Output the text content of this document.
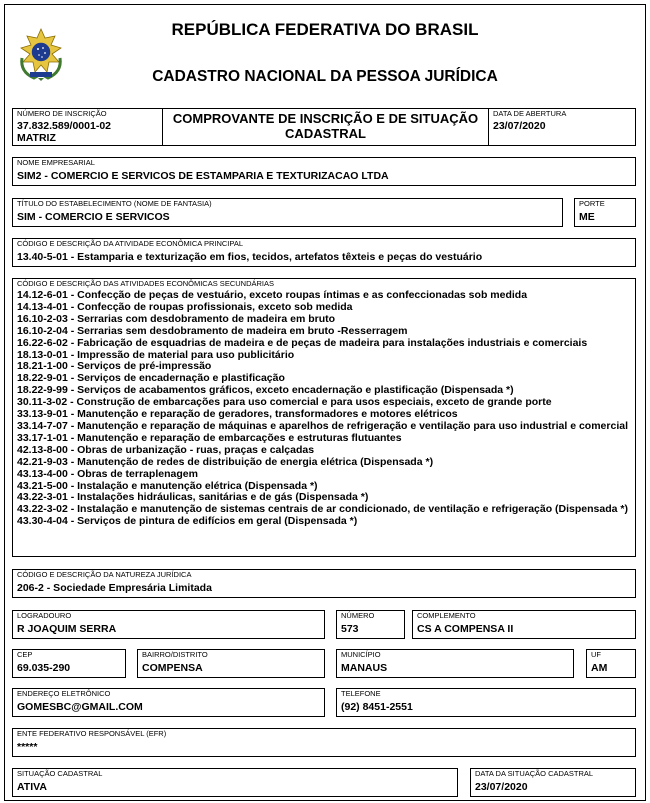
REPÚBLICA FEDERATIVA DO BRASIL
CADASTRO NACIONAL DA PESSOA JURÍDICA
NÚMERO DE INSCRIÇÃO
37.832.589/0001-02
MATRIZ
COMPROVANTE DE INSCRIÇÃO E DE SITUAÇÃO
CADASTRAL
DATA DE ABERTURA
23/07/2020
NOME EMPRESARIAL
SIM2 - COMERCIO E SERVICOS DE ESTAMPARIA E TEXTURIZACAO LTDA
TÍTULO DO ESTABELECIMENTO (NOME DE FANTASIA)
SIM - COMERCIO E SERVICOS
PORTE
ME
CÓDIGO E DESCRIÇÃO DA ATIVIDADE ECONÔMICA PRINCIPAL
13.40-5-01 - Estamparia e texturização em fios, tecidos, artefatos têxteis e peças do vestuário
CÓDIGO E DESCRIÇÃO DAS ATIVIDADES ECONÔMICAS SECUNDÁRIAS
14.12-6-01 - Confecção de peças de vestuário, exceto roupas íntimas e as confeccionadas sob medida
14.13-4-01 - Confecção de roupas profissionais, exceto sob medida
16.10-2-03 - Serrarias com desdobramento de madeira em bruto
16.10-2-04 - Serrarias sem desdobramento de madeira em bruto -Resserragem
16.22-6-02 - Fabricação de esquadrias de madeira e de peças de madeira para instalações industriais e comerciais
18.13-0-01 - Impressão de material para uso publicitário
18.21-1-00 - Serviços de pré-impressão
18.22-9-01 - Serviços de encadernação e plastificação
18.22-9-99 - Serviços de acabamentos gráficos, exceto encadernação e plastificação (Dispensada *)
30.11-3-02 - Construção de embarcações para uso comercial e para usos especiais, exceto de grande porte
33.13-9-01 - Manutenção e reparação de geradores, transformadores e motores elétricos
33.14-7-07 - Manutenção e reparação de máquinas e aparelhos de refrigeração e ventilação para uso industrial e comercial
33.17-1-01 - Manutenção e reparação de embarcações e estruturas flutuantes
42.13-8-00 - Obras de urbanização - ruas, praças e calçadas
42.21-9-03 - Manutenção de redes de distribuição de energia elétrica (Dispensada *)
43.13-4-00 - Obras de terraplenagem
43.21-5-00 - Instalação e manutenção elétrica (Dispensada *)
43.22-3-01 - Instalações hidráulicas, sanitárias e de gás (Dispensada *)
43.22-3-02 - Instalação e manutenção de sistemas centrais de ar condicionado, de ventilação e refrigeração (Dispensada *)
43.30-4-04 - Serviços de pintura de edifícios em geral (Dispensada *)
CÓDIGO E DESCRIÇÃO DA NATUREZA JURÍDICA
206-2 - Sociedade Empresária Limitada
LOGRADOURO
R JOAQUIM SERRA
NÚMERO
573
COMPLEMENTO
CS A COMPENSA II
CEP
69.035-290
BAIRRO/DISTRITO
COMPENSA
MUNICÍPIO
MANAUS
UF
AM
ENDEREÇO ELETRÔNICO
GOMESBC@GMAIL.COM
TELEFONE
(92) 8451-2551
ENTE FEDERATIVO RESPONSÁVEL (EFR)
*****
SITUAÇÃO CADASTRAL
ATIVA
DATA DA SITUAÇÃO CADASTRAL
23/07/2020
